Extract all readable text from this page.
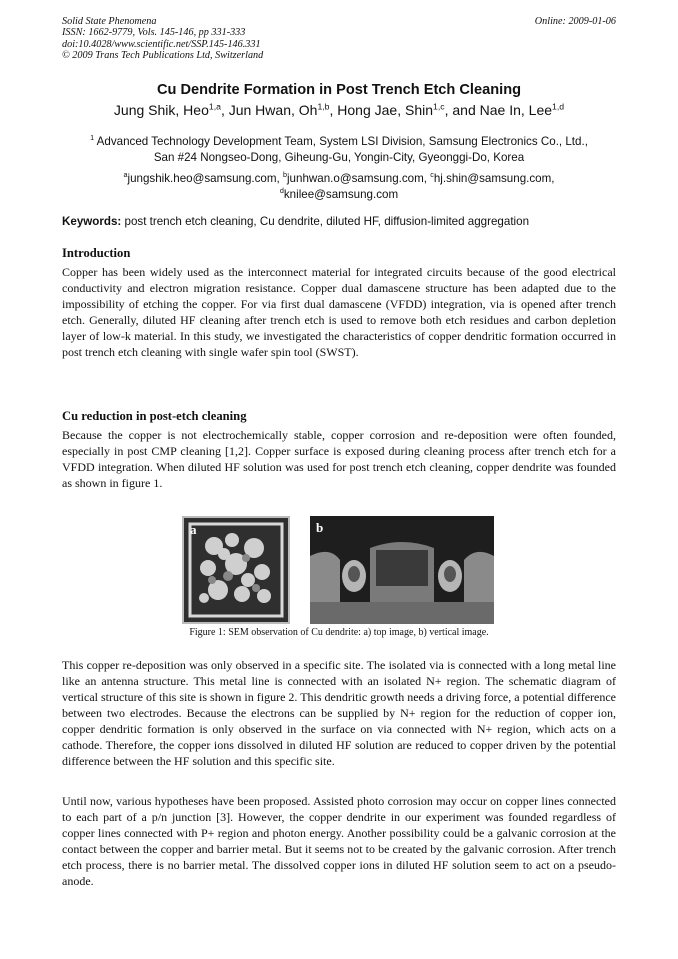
Solid State Phenomena
ISSN: 1662-9779, Vols. 145-146, pp 331-333
doi:10.4028/www.scientific.net/SSP.145-146.331
© 2009 Trans Tech Publications Ltd, Switzerland
Online: 2009-01-06
Cu Dendrite Formation in Post Trench Etch Cleaning
Jung Shik, Heo$^{1,a}$, Jun Hwan, Oh$^{1,b}$, Hong Jae, Shin$^{1,c}$, and Nae In, Lee$^{1,d}$
$^1$ Advanced Technology Development Team, System LSI Division, Samsung Electronics Co., Ltd.,
San #24 Nongseo-Dong, Giheung-Gu, Yongin-City, Gyeonggi-Do, Korea
$^a$jungshik.heo@samsung.com, $^b$junhwan.o@samsung.com, $^c$hj.shin@samsung.com,
$^d$knilee@samsung.com
Keywords: post trench etch cleaning, Cu dendrite, diluted HF, diffusion-limited aggregation
Introduction

Copper has been widely used as the interconnect material for integrated circuits because of the good electrical conductivity and electron migration resistance. Copper dual damascene structure has been adapted due to the impossibility of etching the copper. For via first dual damascene (VFDD) integration, via is opened after trench etch. Generally, diluted HF cleaning after trench etch is used to remove both etch residues and carbon depletion layer of low-k material. In this study, we investigated the characteristics of copper dendritic formation occurred in post trench etch cleaning with single wafer spin tool (SWST).

Cu reduction in post-etch cleaning

Because the copper is not electrochemically stable, copper corrosion and re-deposition were often founded, especially in post CMP cleaning [1,2]. Copper surface is exposed during cleaning process after trench etch for a VFDD integration. When diluted HF solution was used for post trench etch cleaning, copper dendrite was founded as shown in figure 1.

a	b
Figure 1: SEM observation of Cu dendrite: a) top image, b) vertical image.

This copper re-deposition was only observed in a specific site. The isolated via is connected with a long metal line like an antenna structure. This metal line is connected with an isolated N+ region. The schematic diagram of vertical structure of this site is shown in figure 2. This dendritic growth needs a driving force, a potential difference between two electrodes. Because the electrons can be supplied by N+ region for the reduction of copper ion, copper dendritic formation is only observed in the surface on via connected with N+ region, which acts on a cathode. Therefore, the copper ions dissolved in diluted HF solution are reduced to copper driven by the potential difference between the HF solution and this specific site.

Until now, various hypotheses have been proposed. Assisted photo corrosion may occur on copper lines connected to each part of a p/n junction [3]. However, the copper dendrite in our experiment was founded regardless of copper lines connected with P+ region and photon energy. Another possibility could be a galvanic corrosion at the contact between the copper and barrier metal. But it seems not to be created by the galvanic corrosion. After trench etch process, there is no barrier metal. The dissolved copper ions in diluted HF solution seem to act on a pseudo-anode.
